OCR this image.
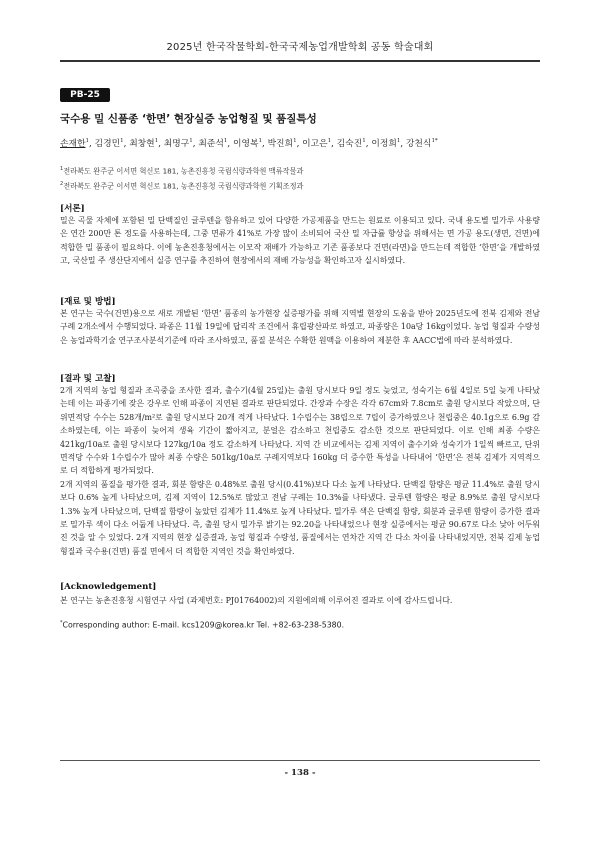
2025년 한국작물학회-한국국제농업개발학회 공동 학술대회
PB-25
국수용 밀 신품종 ‘한면’ 현장실증 농업형질 및 품질특성
손재한$^1$, 김경민$^1$, 최창현$^1$, 최명구$^1$, 최준석$^1$, 이영복$^1$, 박진희$^1$, 이고은$^1$, 김숙진$^1$, 이정희$^1$, 강천식$^{1*}$
$^1$전라북도 완주군 이서면 혁신로 181, 농촌진흥청 국립식량과학원 맥류작물과
$^2$전라북도 완주군 이서면 혁신로 181, 농촌진흥청 국립식량과학원 기획조정과
[서론]
밀은 곡물 자체에 포함된 밀 단백질인 글루텐을 함유하고 있어 다양한 가공제품을 만드는 원료로 이용되고 있다. 국내 용도별 밀가루 사용량은 연간 200만 톤 정도를 사용하는데, 그중 면류가 41%로 가장 많이 소비되어 국산 밀 자급률 향상을 위해서는 면 가공 용도(생면, 건면)에 적합한 밀 품종이 필요하다. 이에 농촌진흥청에서는 이모작 재배가 가능하고 기존 품종보다 건면(라면)을 만드는데 적합한 ‘한면’을 개발하였고, 국산밀 주 생산단지에서 실증 연구를 추진하여 현장에서의 재배 가능성을 확인하고자 실시하였다.
[재료 및 방법]
본 연구는 국수(건면)용으로 새로 개발된 ‘한면’ 품종의 농가현장 실증평가를 위해 지역별 현장의 도움을 받아 2025년도에 전북 김제와 전남 구례 2개소에서 수행되었다. 파종은 11월 19일에 답리작 조건에서 휴립광산파로 하였고, 파종량은 10a당 16kg이었다. 농업 형질과 수량성은 농업과학기술 연구조사분석기준에 따라 조사하였고, 품질 분석은 수확한 원맥을 이용하여 제분한 후 AACC법에 따라 분석하였다.
[결과 및 고찰]
2개 지역의 농업 형질과 조곡중을 조사한 결과, 출수기(4월 25일)는 출원 당시보다 9일 정도 늦었고, 성숙기는 6월 4일로 5일 늦게 나타났는데 이는 파종기에 잦은 강우로 인해 파종이 지연된 결과로 판단되었다. 간장과 수장은 각각 67cm와 7.8cm로 출원 당시보다 작았으며, 단위면적당 수수는 528개/m²로 출원 당시보다 20개 적게 나타났다. 1수립수는 38립으로 7립이 증가하였으나 천립중은 40.1g으로 6.9g 감소하였는데, 이는 파종이 늦어져 생육 기간이 짧아지고, 분얼은 감소하고 천립중도 감소한 것으로 판단되었다. 이로 인해 최종 수량은 421kg/10a로 출원 당시보다 127kg/10a 정도 감소하게 나타났다. 지역 간 비교에서는 김제 지역이 출수기와 성숙기가 1일씩 빠르고, 단위면적당 수수와 1수립수가 많아 최종 수량은 501kg/10a로 구례지역보다 160kg 더 증수한 특성을 나타내어 ‘한면’은 전북 김제가 지역적으로 더 적합하게 평가되었다.
2개 지역의 품질을 평가한 결과, 회분 함량은 0.48%로 출원 당시(0.41%)보다 다소 높게 나타났다. 단백질 함량은 평균 11.4%로 출원 당시보다 0.6% 높게 나타났으며, 김제 지역이 12.5%로 많았고 전남 구례는 10.3%를 나타냈다. 글루텐 함량은 평균 8.9%로 출원 당시보다 1.3% 높게 나타났으며, 단백질 함량이 높았던 김제가 11.4%로 높게 나타났다. 밀가루 색은 단백질 함량, 회분과 글루텐 함량이 증가한 결과로 밀가루 색이 다소 어둡게 나타났다. 즉, 출원 당시 밀가루 밝기는 92.20을 나타내었으나 현장 실증에서는 평균 90.67로 다소 낮아 어두워진 것을 알 수 있었다. 2개 지역의 현장 실증결과, 농업 형질과 수량성, 품질에서는 연차간 지역 간 다소 차이를 나타내었지만, 전북 김제 농업 형질과 국수용(건면) 품질 면에서 더 적합한 지역인 것을 확인하였다.
[Acknowledgement]
본 연구는 농촌진흥청 시험연구 사업 (과제번호: PJ01764002)의 지원에의해 이루어진 결과로 이에 감사드립니다.
*Corresponding author: E-mail. kcs1209@korea.kr Tel. +82-63-238-5380.
- 138 -
